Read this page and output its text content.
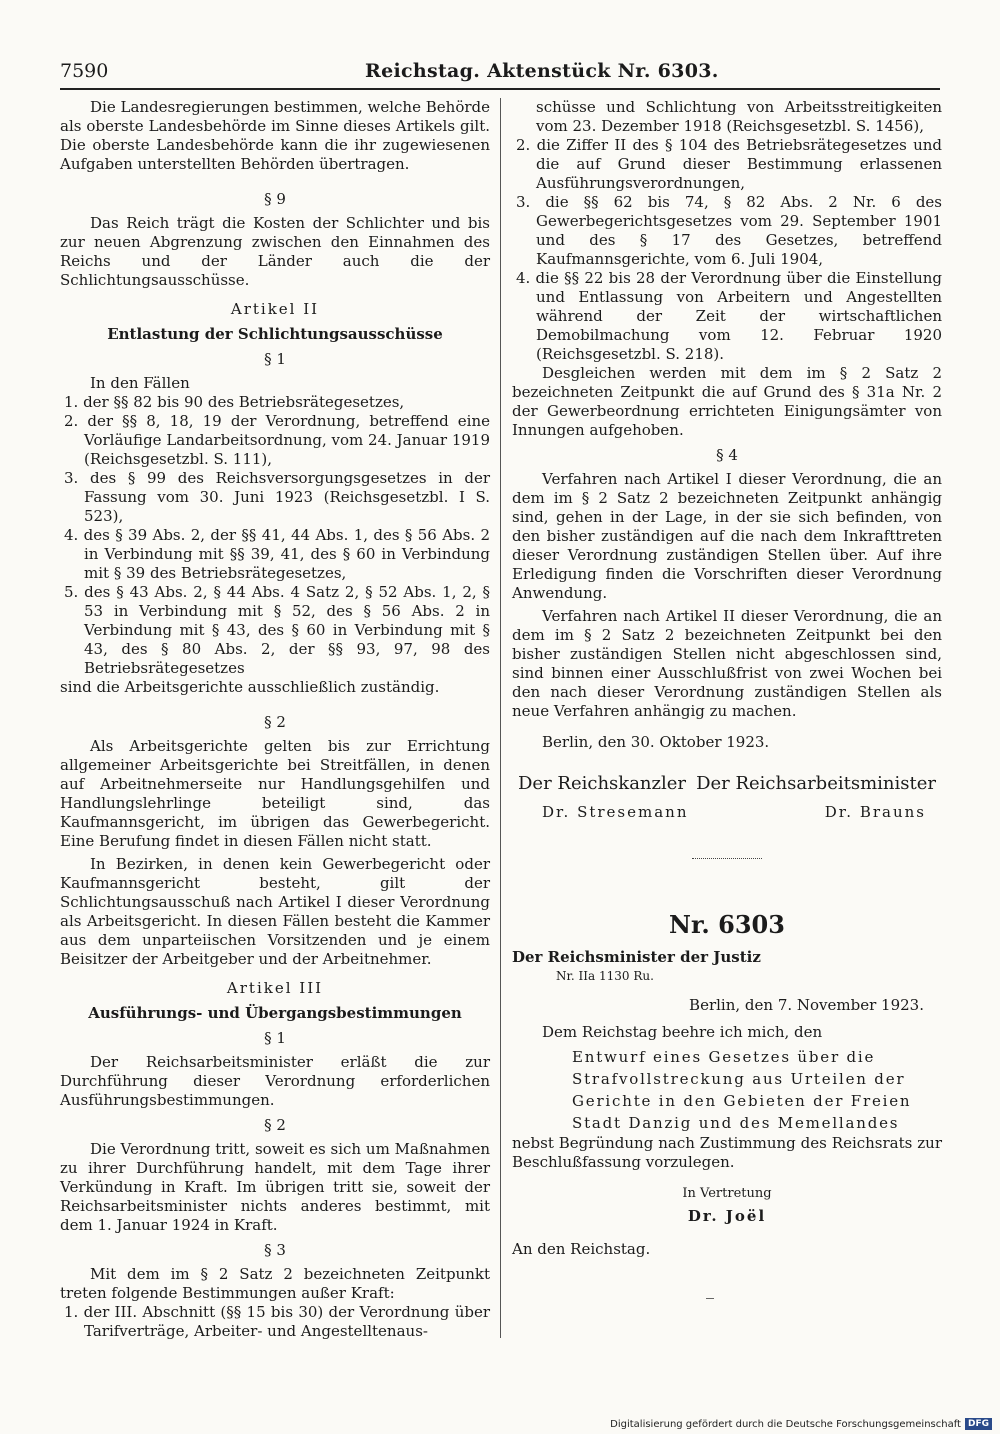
7590	Reichstag. Aktenstück Nr. 6303.

Die Landesregierungen bestimmen, welche Behörde als oberste Landesbehörde im Sinne dieses Artikels gilt. Die oberste Landesbehörde kann die ihr zugewiesenen Aufgaben unterstellten Behörden übertragen.

§ 9

Das Reich trägt die Kosten der Schlichter und bis zur neuen Abgrenzung zwischen den Einnahmen des Reichs und der Länder auch die der Schlichtungsausschüsse.

Artikel II

Entlastung der Schlichtungsausschüsse

§ 1

In den Fällen

1. der §§ 82 bis 90 des Betriebsrätegesetzes,

2. der §§ 8, 18, 19 der Verordnung, betreffend eine Vorläufige Landarbeitsordnung, vom 24. Januar 1919 (Reichsgesetzbl. S. 111),

3. des § 99 des Reichsversorgungsgesetzes in der Fassung vom 30. Juni 1923 (Reichsgesetzbl. I S. 523),

4. des § 39 Abs. 2, der §§ 41, 44 Abs. 1, des § 56 Abs. 2 in Verbindung mit §§ 39, 41, des § 60 in Verbindung mit § 39 des Betriebsrätegesetzes,

5. des § 43 Abs. 2, § 44 Abs. 4 Satz 2, § 52 Abs. 1, 2, § 53 in Verbindung mit § 52, des § 56 Abs. 2 in Verbindung mit § 43, des § 60 in Verbindung mit § 43, des § 80 Abs. 2, der §§ 93, 97, 98 des Betriebsrätegesetzes

sind die Arbeitsgerichte ausschließlich zuständig.

§ 2

Als Arbeitsgerichte gelten bis zur Errichtung allgemeiner Arbeitsgerichte bei Streitfällen, in denen auf Arbeitnehmerseite nur Handlungsgehilfen und Handlungslehrlinge beteiligt sind, das Kaufmannsgericht, im übrigen das Gewerbegericht. Eine Berufung findet in diesen Fällen nicht statt.

In Bezirken, in denen kein Gewerbegericht oder Kaufmannsgericht besteht, gilt der Schlichtungsausschuß nach Artikel I dieser Verordnung als Arbeitsgericht. In diesen Fällen besteht die Kammer aus dem unparteiischen Vorsitzenden und je einem Beisitzer der Arbeitgeber und der Arbeitnehmer.

Artikel III

Ausführungs- und Übergangsbestimmungen

§ 1

Der Reichsarbeitsminister erläßt die zur Durchführung dieser Verordnung erforderlichen Ausführungsbestimmungen.

§ 2

Die Verordnung tritt, soweit es sich um Maßnahmen zu ihrer Durchführung handelt, mit dem Tage ihrer Verkündung in Kraft. Im übrigen tritt sie, soweit der Reichsarbeitsminister nichts anderes bestimmt, mit dem 1. Januar 1924 in Kraft.

§ 3

Mit dem im § 2 Satz 2 bezeichneten Zeitpunkt treten folgende Bestimmungen außer Kraft:

1. der III. Abschnitt (§§ 15 bis 30) der Verordnung über Tarifverträge, Arbeiter- und Angestelltenaus-

schüsse und Schlichtung von Arbeitsstreitigkeiten vom 23. Dezember 1918 (Reichsgesetzbl. S. 1456),

2. die Ziffer II des § 104 des Betriebsrätegesetzes und die auf Grund dieser Bestimmung erlassenen Ausführungsverordnungen,

3. die §§ 62 bis 74, § 82 Abs. 2 Nr. 6 des Gewerbegerichtsgesetzes vom 29. September 1901 und des § 17 des Gesetzes, betreffend Kaufmannsgerichte, vom 6. Juli 1904,

4. die §§ 22 bis 28 der Verordnung über die Einstellung und Entlassung von Arbeitern und Angestellten während der Zeit der wirtschaftlichen Demobilmachung vom 12. Februar 1920 (Reichsgesetzbl. S. 218).

Desgleichen werden mit dem im § 2 Satz 2 bezeichneten Zeitpunkt die auf Grund des § 31a Nr. 2 der Gewerbeordnung errichteten Einigungsämter von Innungen aufgehoben.

§ 4

Verfahren nach Artikel I dieser Verordnung, die an dem im § 2 Satz 2 bezeichneten Zeitpunkt anhängig sind, gehen in der Lage, in der sie sich befinden, von den bisher zuständigen auf die nach dem Inkrafttreten dieser Verordnung zuständigen Stellen über. Auf ihre Erledigung finden die Vorschriften dieser Verordnung Anwendung.

Verfahren nach Artikel II dieser Verordnung, die an dem im § 2 Satz 2 bezeichneten Zeitpunkt bei den bisher zuständigen Stellen nicht abgeschlossen sind, sind binnen einer Ausschlußfrist von zwei Wochen bei den nach dieser Verordnung zuständigen Stellen als neue Verfahren anhängig zu machen.

Berlin, den 30. Oktober 1923.

Der Reichskanzler Der Reichsarbeitsminister
Dr. Stresemann	Dr. Brauns

Nr. 6303

Der Reichsminister der Justiz

Nr. IIa 1130 Ru.

Berlin, den 7. November 1923.

Dem Reichstag beehre ich mich, den

Entwurf eines Gesetzes über die Strafvollstreckung aus Urteilen der Gerichte in den Gebieten der Freien Stadt Danzig und des Memellandes

nebst Begründung nach Zustimmung des Reichsrats zur Beschlußfassung vorzulegen.

In Vertretung

Dr. Joël

An den Reichstag.

Digitalisierung gefördert durch die Deutsche Forschungsgemeinschaft DFG
